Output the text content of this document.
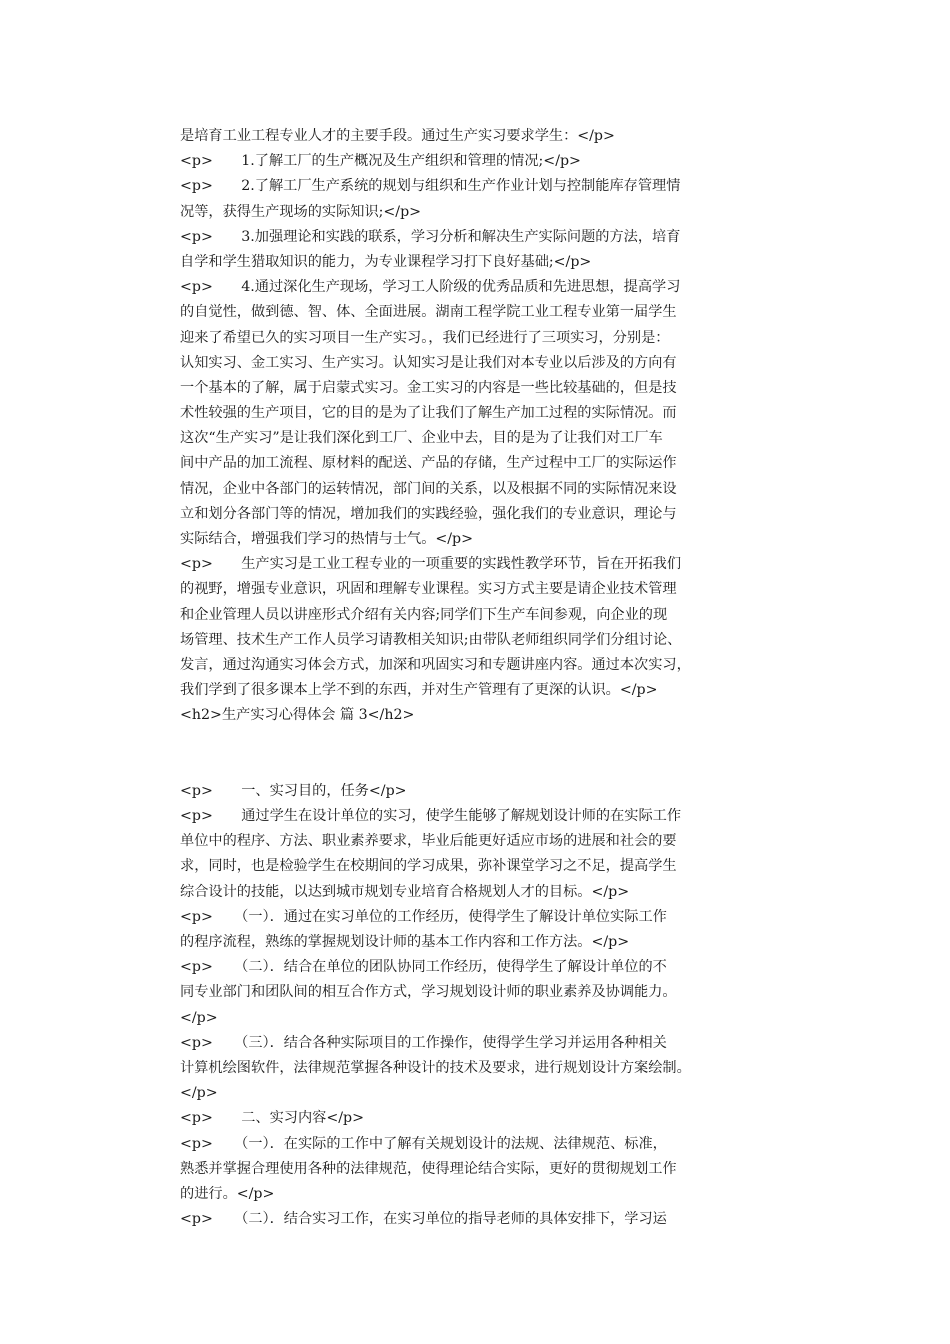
是培育工业工程专业人才的主要手段。通过生产实习要求学生：</p>
<p>　　1.了解工厂的生产概况及生产组织和管理的情况;</p>
<p>　　2.了解工厂生产系统的规划与组织和生产作业计划与控制能库存管理情
况等，获得生产现场的实际知识;</p>
<p>　　3.加强理论和实践的联系，学习分析和解决生产实际问题的方法，培育
自学和学生猎取知识的能力，为专业课程学习打下良好基础;</p>
<p>　　4.通过深化生产现场，学习工人阶级的优秀品质和先进思想，提高学习
的自觉性，做到德、智、体、全面进展。湖南工程学院工业工程专业第一届学生
迎来了希望已久的实习项目一生产实习。，我们已经进行了三项实习，分别是：
认知实习、金工实习、生产实习。认知实习是让我们对本专业以后涉及的方向有
一个基本的了解，属于启蒙式实习。金工实习的内容是一些比较基础的，但是技
术性较强的生产项目，它的目的是为了让我们了解生产加工过程的实际情况。而
这次“生产实习”是让我们深化到工厂、企业中去，目的是为了让我们对工厂车
间中产品的加工流程、原材料的配送、产品的存储，生产过程中工厂的实际运作
情况，企业中各部门的运转情况，部门间的关系，以及根据不同的实际情况来设
立和划分各部门等的情况，增加我们的实践经验，强化我们的专业意识，理论与
实际结合，增强我们学习的热情与士气。</p>
<p>　　生产实习是工业工程专业的一项重要的实践性教学环节，旨在开拓我们
的视野，增强专业意识，巩固和理解专业课程。实习方式主要是请企业技术管理
和企业管理人员以讲座形式介绍有关内容;同学们下生产车间参观，向企业的现
场管理、技术生产工作人员学习请教相关知识;由带队老师组织同学们分组讨论、
发言，通过沟通实习体会方式，加深和巩固实习和专题讲座内容。通过本次实习，
我们学到了很多课本上学不到的东西，并对生产管理有了更深的认识。</p>
<h2>生产实习心得体会 篇 3</h2>
<p>　　一、实习目的，任务</p>
<p>　　通过学生在设计单位的实习，使学生能够了解规划设计师的在实际工作
单位中的程序、方法、职业素养要求，毕业后能更好适应市场的进展和社会的要
求，同时，也是检验学生在校期间的学习成果，弥补课堂学习之不足，提高学生
综合设计的技能，以达到城市规划专业培育合格规划人才的目标。</p>
<p>　　（一）．通过在实习单位的工作经历，使得学生了解设计单位实际工作
的程序流程，熟练的掌握规划设计师的基本工作内容和工作方法。</p>
<p>　　（二）．结合在单位的团队协同工作经历，使得学生了解设计单位的不
同专业部门和团队间的相互合作方式，学习规划设计师的职业素养及协调能力。
</p>
<p>　　（三）．结合各种实际项目的工作操作，使得学生学习并运用各种相关
计算机绘图软件，法律规范掌握各种设计的技术及要求，进行规划设计方案绘制。
</p>
<p>　　二、实习内容</p>
<p>　　（一）．在实际的工作中了解有关规划设计的法规、法律规范、标准，
熟悉并掌握合理使用各种的法律规范，使得理论结合实际，更好的贯彻规划工作
的进行。</p>
<p>　　（二）．结合实习工作，在实习单位的指导老师的具体安排下，学习运
